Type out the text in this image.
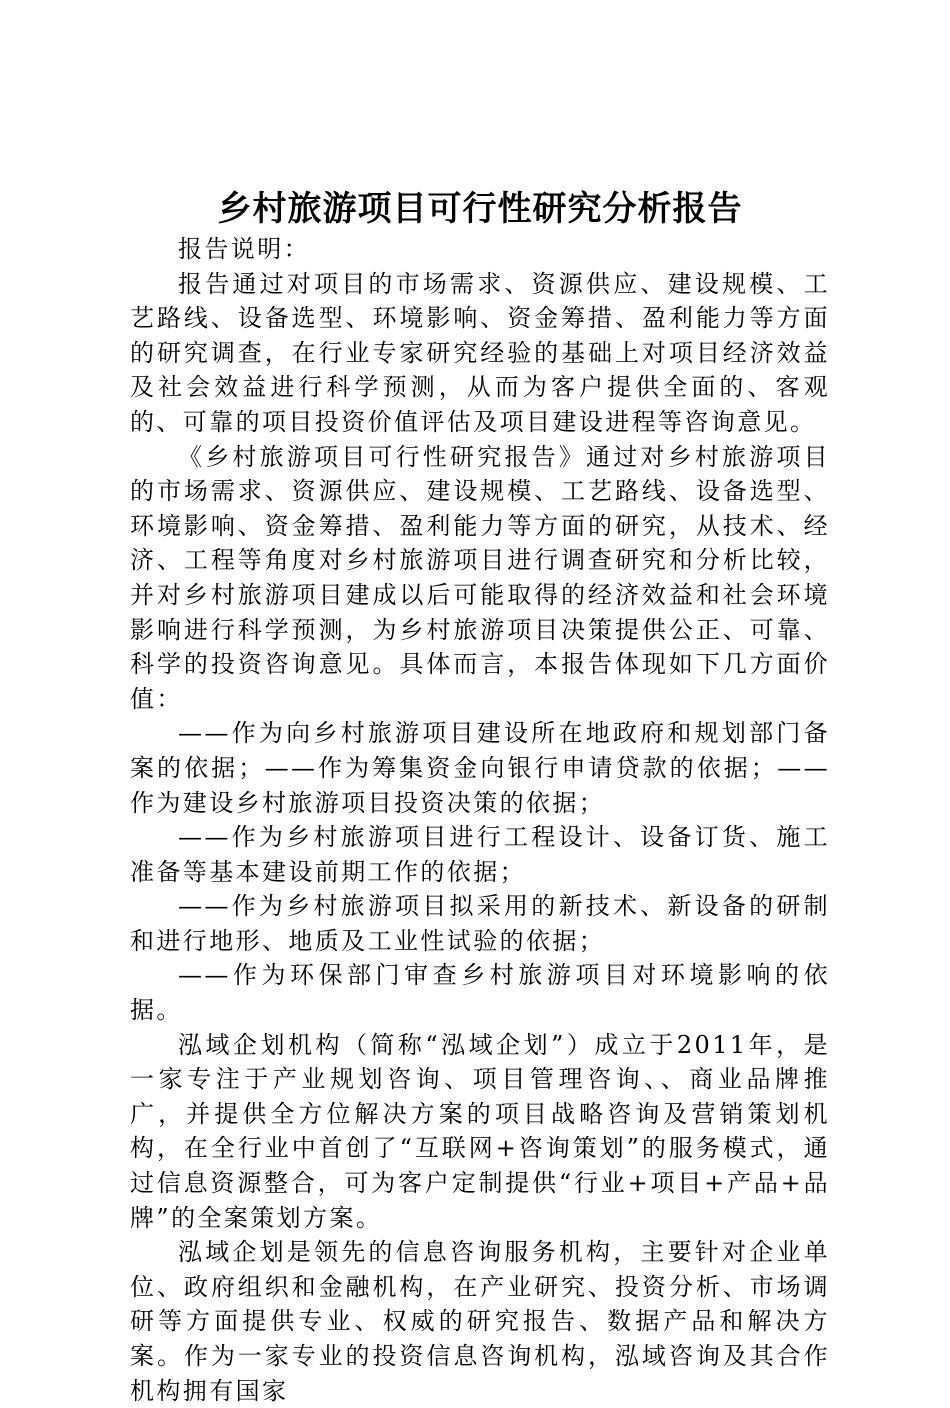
乡村旅游项目可行性研究分析报告

报告说明：

报告通过对项目的市场需求、资源供应、建设规模、工艺路线、设备选型、环境影响、资金筹措、盈利能力等方面的研究调查，在行业专家研究经验的基础上对项目经济效益及社会效益进行科学预测，从而为客户提供全面的、客观的、可靠的项目投资价值评估及项目建设进程等咨询意见。

《乡村旅游项目可行性研究报告》通过对乡村旅游项目的市场需求、资源供应、建设规模、工艺路线、设备选型、环境影响、资金筹措、盈利能力等方面的研究，从技术、经济、工程等角度对乡村旅游项目进行调查研究和分析比较，并对乡村旅游项目建成以后可能取得的经济效益和社会环境影响进行科学预测，为乡村旅游项目决策提供公正、可靠、科学的投资咨询意见。具体而言，本报告体现如下几方面价值：

——作为向乡村旅游项目建设所在地政府和规划部门备案的依据；——作为筹集资金向银行申请贷款的依据；——作为建设乡村旅游项目投资决策的依据；

——作为乡村旅游项目进行工程设计、设备订货、施工准备等基本建设前期工作的依据；

——作为乡村旅游项目拟采用的新技术、新设备的研制和进行地形、地质及工业性试验的依据；

——作为环保部门审查乡村旅游项目对环境影响的依据。

泓域企划机构（简称“泓域企划”）成立于2011年，是一家专注于产业规划咨询、项目管理咨询、、商业品牌推广，并提供全方位解决方案的项目战略咨询及营销策划机构，在全行业中首创了“互联网+咨询策划”的服务模式，通过信息资源整合，可为客户定制提供“行业+项目+产品+品牌”的全案策划方案。

泓域企划是领先的信息咨询服务机构，主要针对企业单位、政府组织和金融机构，在产业研究、投资分析、市场调研等方面提供专业、权威的研究报告、数据产品和解决方案。作为一家专业的投资信息咨询机构，泓域咨询及其合作机构拥有国家
